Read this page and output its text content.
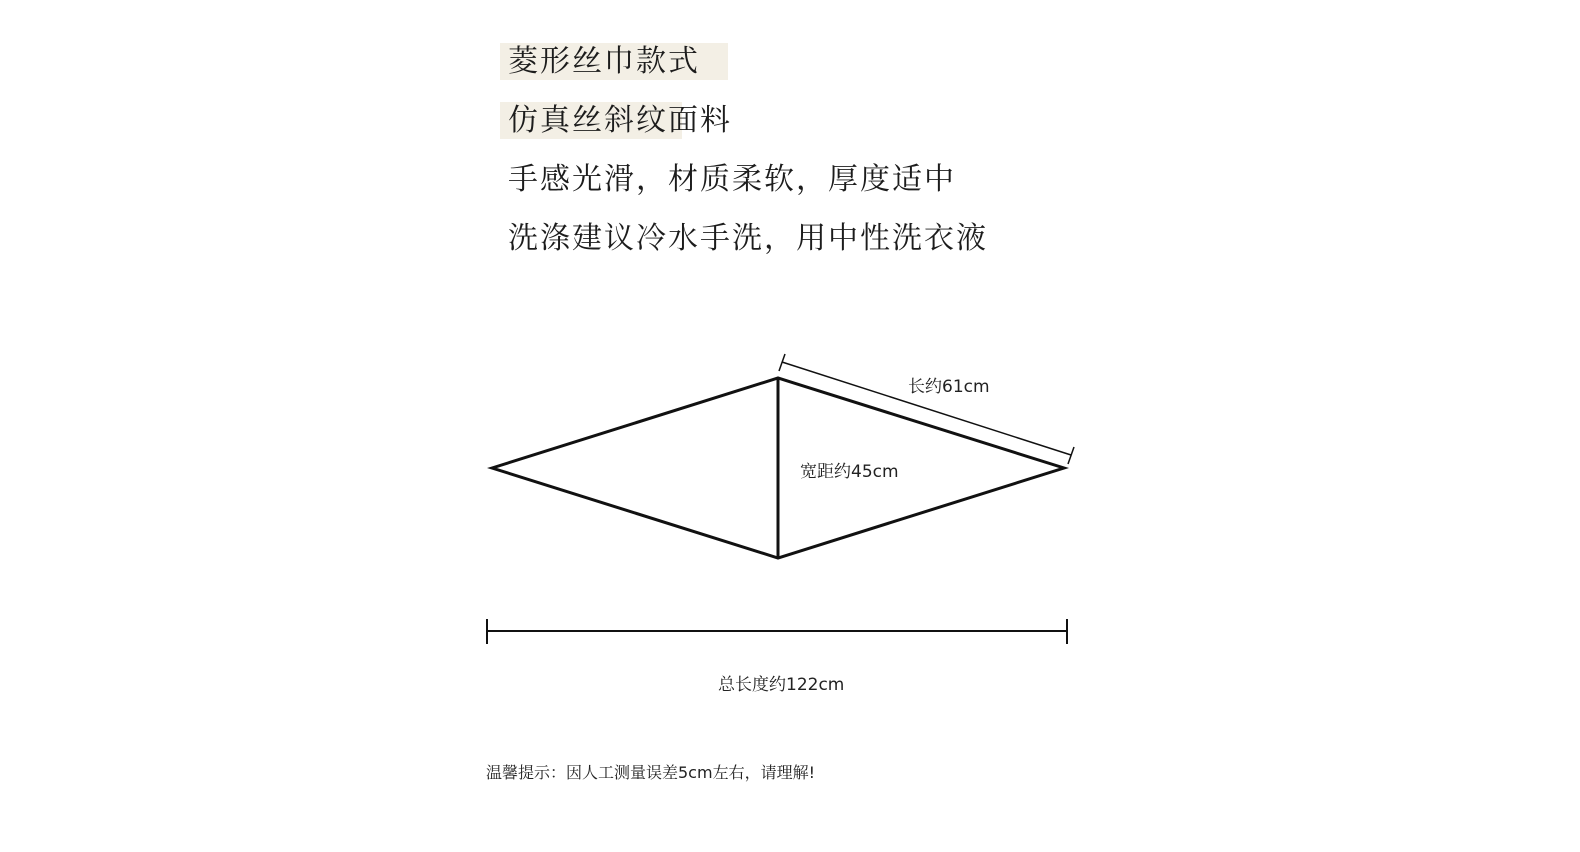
菱形丝巾款式
仿真丝斜纹面料
手感光滑，材质柔软，厚度适中
洗涤建议冷水手洗，用中性洗衣液
长约61cm
宽距约45cm
总长度约122cm
温馨提示：因人工测量误差5cm左右，请理解!
